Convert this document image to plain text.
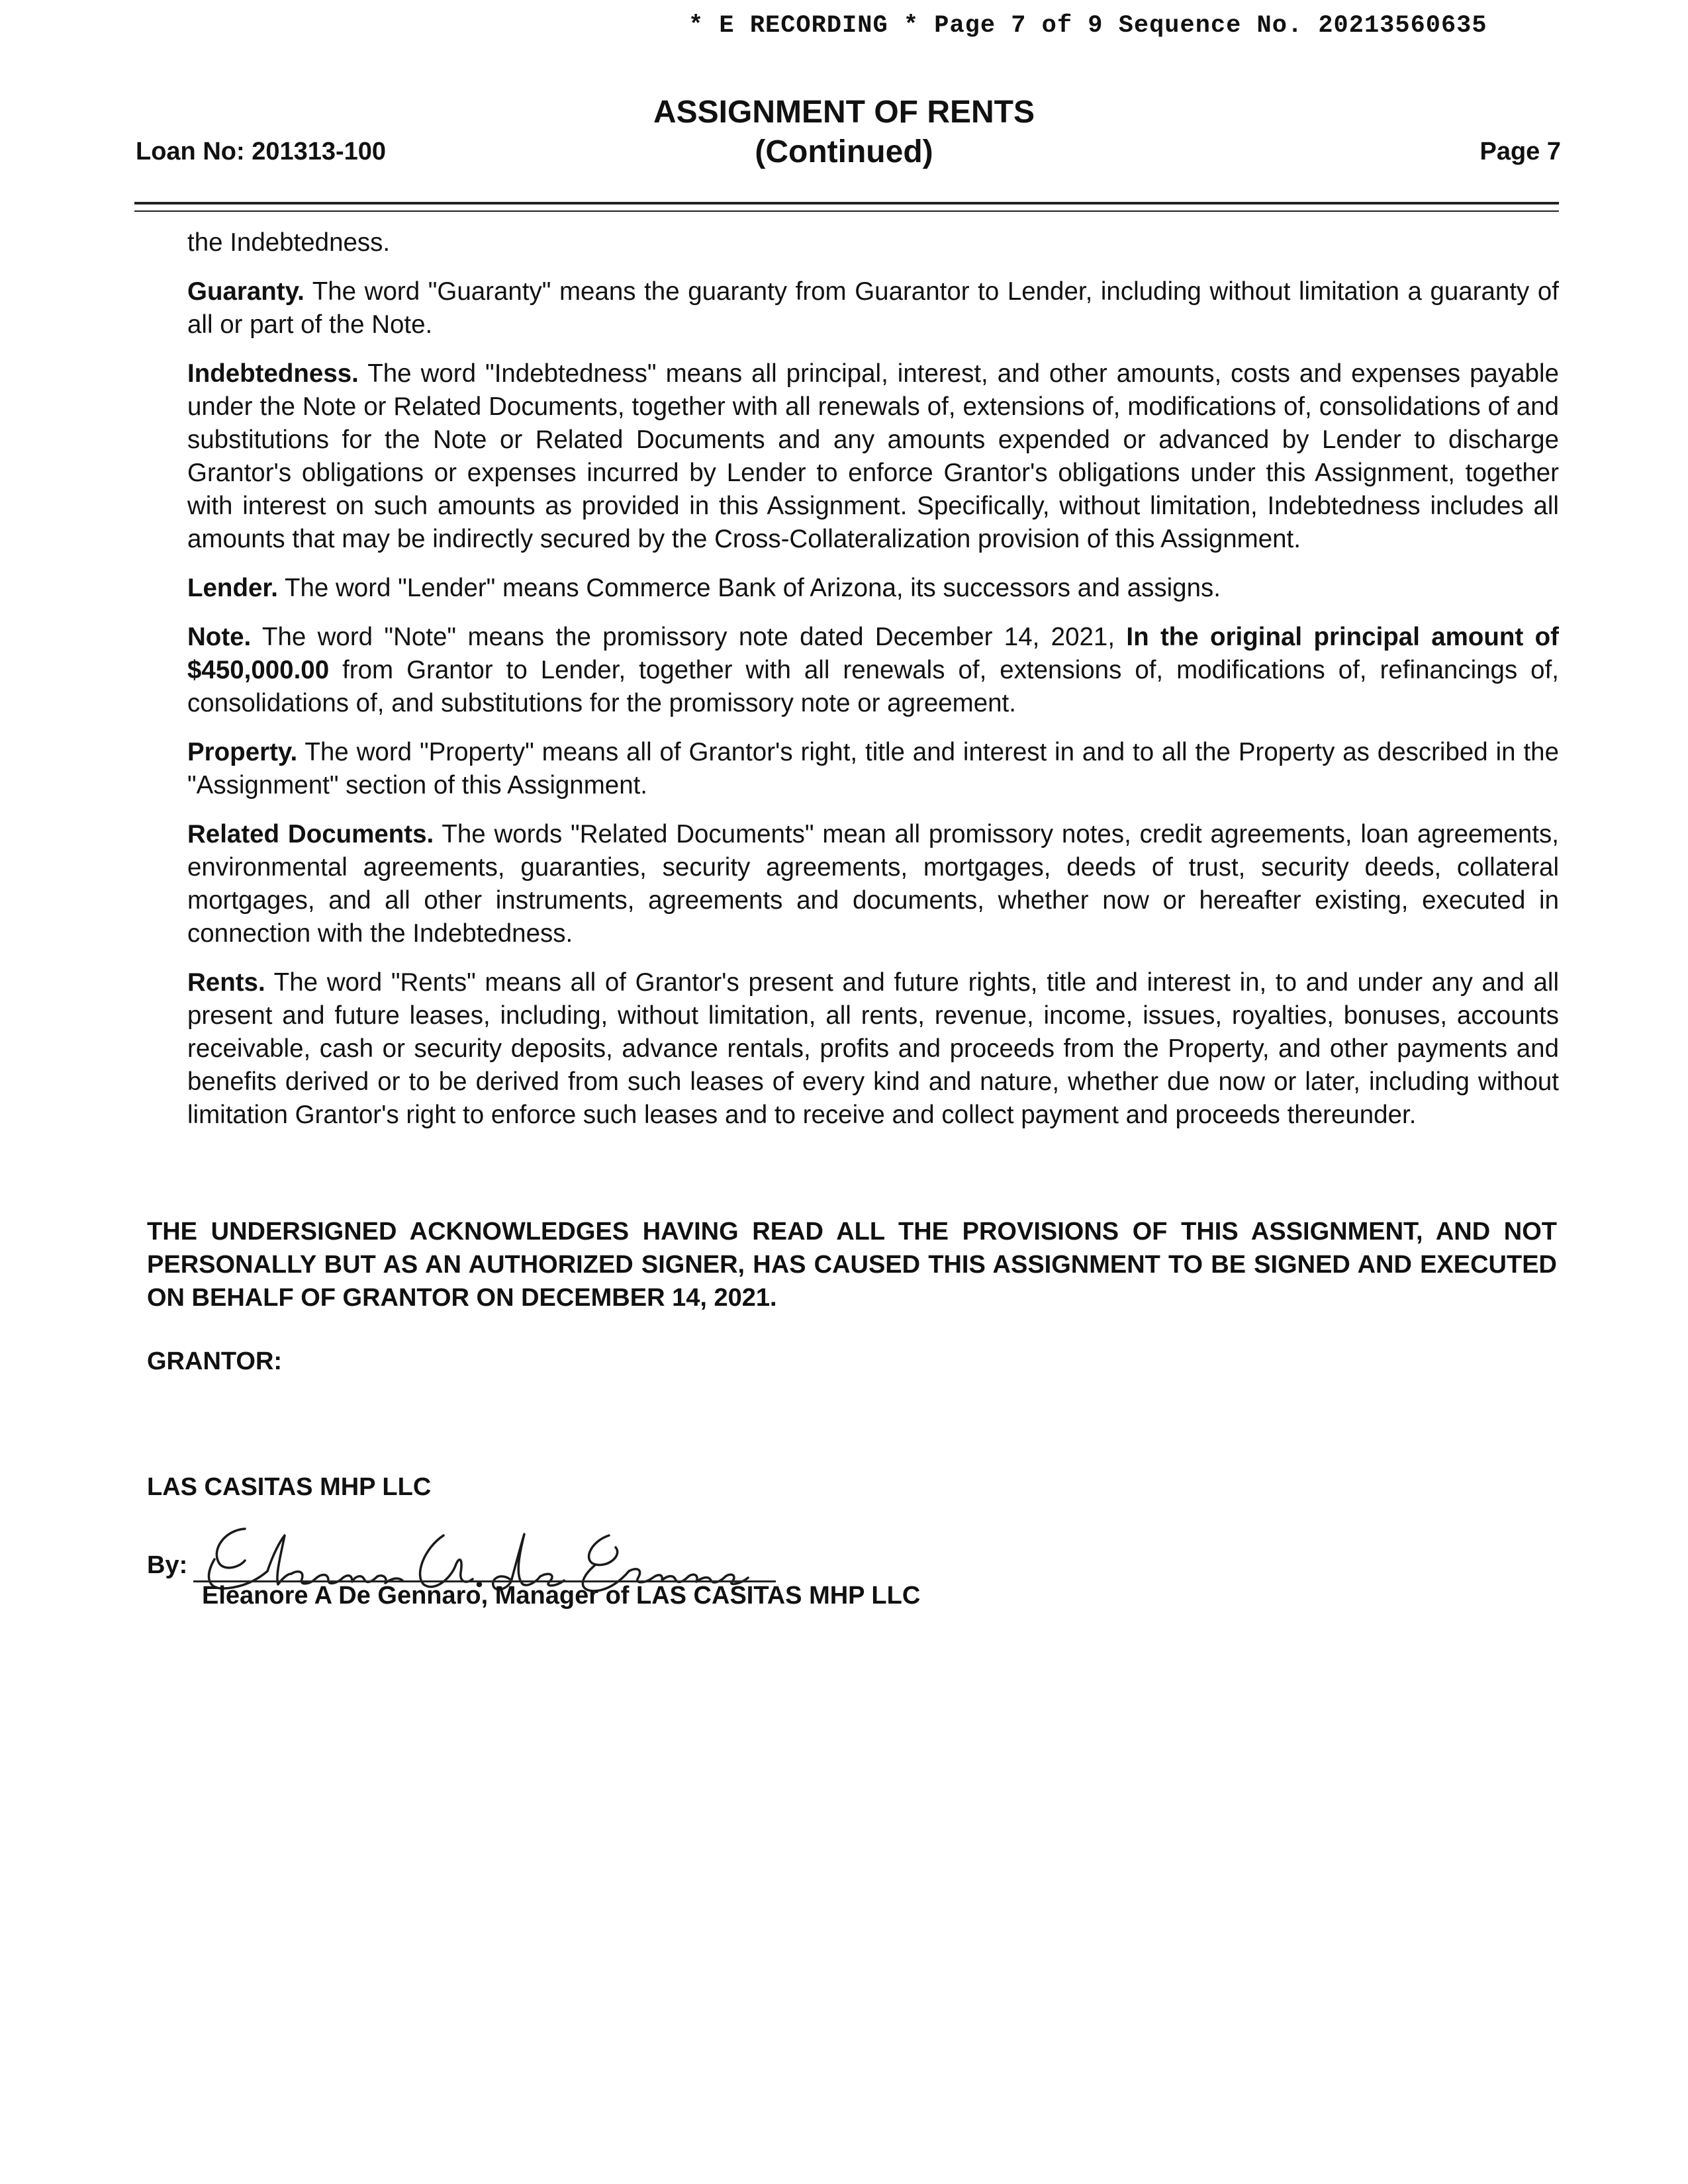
* E RECORDING * Page 7 of 9 Sequence No. 20213560635
ASSIGNMENT OF RENTS
(Continued)
Loan No: 201313-100	Page 7

the Indebtedness.

Guaranty. The word "Guaranty" means the guaranty from Guarantor to Lender, including without limitation a guaranty of all or part of the Note.

Indebtedness. The word "Indebtedness" means all principal, interest, and other amounts, costs and expenses payable under the Note or Related Documents, together with all renewals of, extensions of, modifications of, consolidations of and substitutions for the Note or Related Documents and any amounts expended or advanced by Lender to discharge Grantor's obligations or expenses incurred by Lender to enforce Grantor's obligations under this Assignment, together with interest on such amounts as provided in this Assignment. Specifically, without limitation, Indebtedness includes all amounts that may be indirectly secured by the Cross-Collateralization provision of this Assignment.

Lender. The word "Lender" means Commerce Bank of Arizona, its successors and assigns.

Note. The word "Note" means the promissory note dated December 14, 2021, In the original principal amount of $450,000.00 from Grantor to Lender, together with all renewals of, extensions of, modifications of, refinancings of, consolidations of, and substitutions for the promissory note or agreement.

Property. The word "Property" means all of Grantor's right, title and interest in and to all the Property as described in the "Assignment" section of this Assignment.

Related Documents. The words "Related Documents" mean all promissory notes, credit agreements, loan agreements, environmental agreements, guaranties, security agreements, mortgages, deeds of trust, security deeds, collateral mortgages, and all other instruments, agreements and documents, whether now or hereafter existing, executed in connection with the Indebtedness.

Rents. The word "Rents" means all of Grantor's present and future rights, title and interest in, to and under any and all present and future leases, including, without limitation, all rents, revenue, income, issues, royalties, bonuses, accounts receivable, cash or security deposits, advance rentals, profits and proceeds from the Property, and other payments and benefits derived or to be derived from such leases of every kind and nature, whether due now or later, including without limitation Grantor's right to enforce such leases and to receive and collect payment and proceeds thereunder.

THE UNDERSIGNED ACKNOWLEDGES HAVING READ ALL THE PROVISIONS OF THIS ASSIGNMENT, AND NOT PERSONALLY BUT AS AN AUTHORIZED SIGNER, HAS CAUSED THIS ASSIGNMENT TO BE SIGNED AND EXECUTED ON BEHALF OF GRANTOR ON DECEMBER 14, 2021.
GRANTOR:
LAS CASITAS MHP LLC
By:
Eleanore A De Gennaro, Manager of LAS CASITAS MHP LLC
